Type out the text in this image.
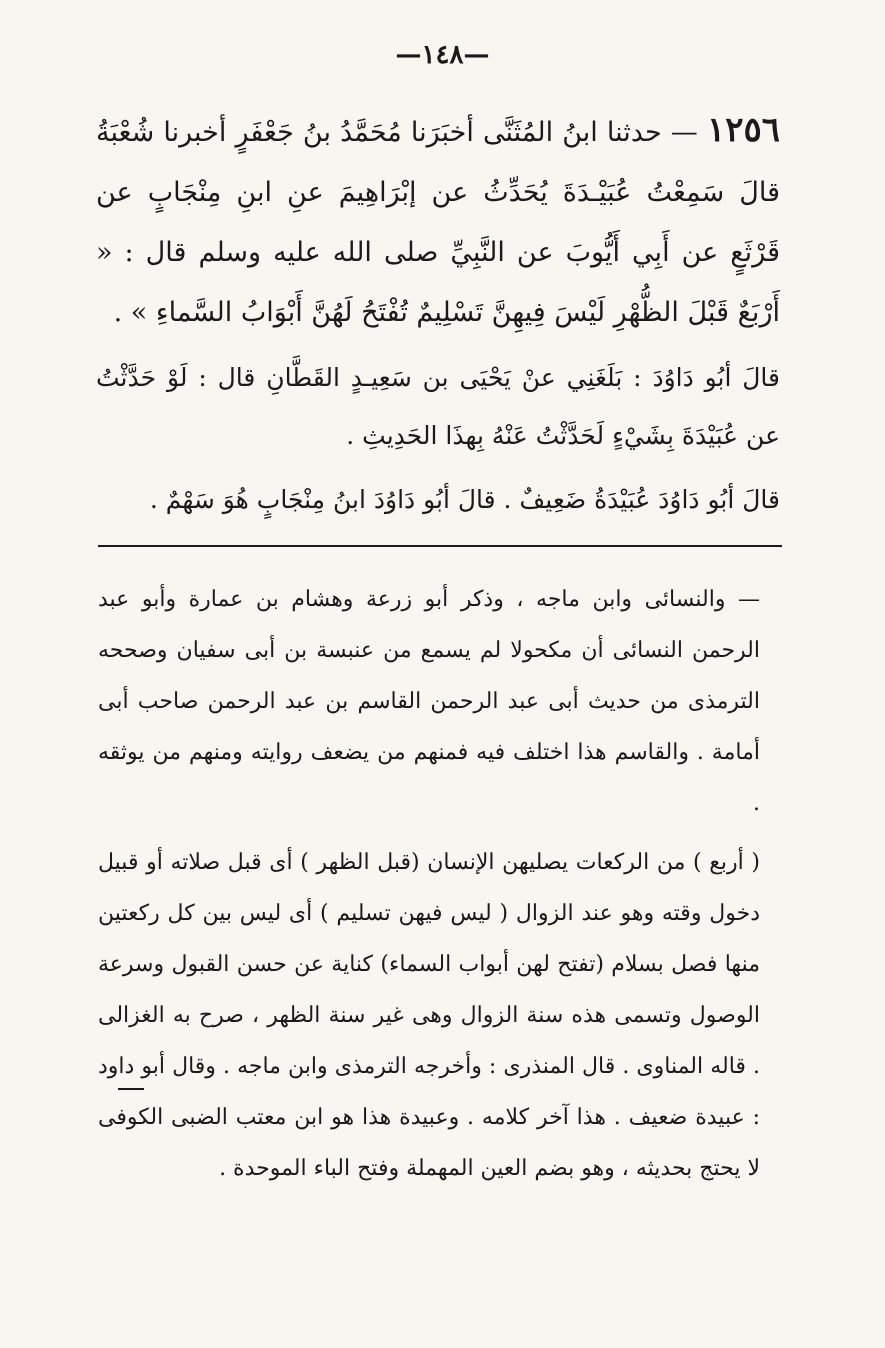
—١٤٨—

١٢٥٦ — حدثنا ابنُ المُثَنَّى أخبَرَنا مُحَمَّدُ بنُ جَعْفَرٍ أخبرنا شُعْبَةُ قالَ سَمِعْتُ عُبَيْـدَةَ يُحَدِّثُ عن إبْرَاهِيمَ عنِ ابنِ مِنْجَابٍ عن قَرْثَعٍ عن أَبِي أَيُّوبَ عن النَّبِيِّ صلى الله عليه وسلم قال : « أَرْبَعٌ قَبْلَ الظُّهْرِ لَيْسَ فِيهِنَّ تَسْلِيمٌ تُفْتَحُ لَهُنَّ أَبْوَابُ السَّماءِ » .

قالَ أبُو دَاوُدَ : بَلَغَنِي عنْ يَحْيَى بن سَعِيـدٍ القَطَّانِ قال : لَوْ حَدَّثْتُ عن عُبَيْدَةَ بِشَيْءٍ لَحَدَّثْتُ عَنْهُ بِهذَا الحَدِيثِ .

قالَ أبُو دَاوُدَ عُبَيْدَةُ ضَعِيفٌ . قالَ أبُو دَاوُدَ ابنُ مِنْجَابٍ هُوَ سَهْمٌ .

— والنسائى وابن ماجه ، وذكر أبو زرعة وهشام بن عمارة وأبو عبد الرحمن النسائى أن مكحولا لم يسمع من عنبسة بن أبى سفيان وصححه الترمذى من حديث أبى عبد الرحمن القاسم بن عبد الرحمن صاحب أبى أمامة . والقاسم هذا اختلف فيه فمنهم من يضعف روايته ومنهم من يوثقه .

( أربع ) من الركعات يصليهن الإنسان (قبل الظهر ) أى قبل صلاته أو قبيل دخول وقته وهو عند الزوال ( ليس فيهن تسليم ) أى ليس بين كل ركعتين منها فصل بسلام (تفتح لهن أبواب السماء) كناية عن حسن القبول وسرعة الوصول وتسمى هذه سنة الزوال وهى غير سنة الظهر ، صرح به الغزالى . قاله المناوى . قال المنذرى : وأخرجه الترمذى وابن ماجه . وقال أبو داود : عبيدة ضعيف . هذا آخر كلامه . وعبيدة هذا هو ابن معتب الضبى الكوفى لا يحتج بحديثه ، وهو بضم العين المهملة وفتح الباء الموحدة .
